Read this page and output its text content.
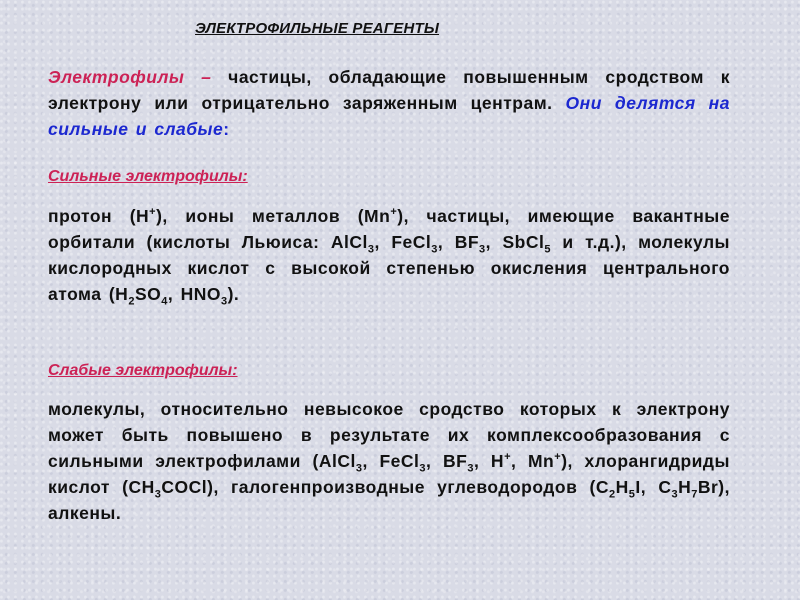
ЭЛЕКТРОФИЛЬНЫЕ РЕАГЕНТЫ
Электрофилы – частицы, обладающие повышенным сродством к электрону или отрицательно заряженным центрам. Они делятся на сильные и слабые:
Сильные электрофилы:
протон (H+), ионы металлов (Mn+), частицы, имеющие вакантные орбитали (кислоты Льюиса: AlCl$_3$, FeCl$_3$, $BF_3$, SbCl$_5$ и т.д.), молекулы кислородных кислот с высокой степенью окисления центрального атома ($H_2SO_4$, $HNO_3$).
Слабые электрофилы:
молекулы, относительно невысокое сродство которых к электрону может быть повышено в результате их комплексообразования с сильными электрофилами (AlCl$_3$, FeCl$_3$, $BF_3$, H+, Mn+), хлорангидриды кислот $(CH_3COCl)$, галогенпроизводные углеводородов ($C_2H_5I$, $C_3H_7Br$), алкены.
